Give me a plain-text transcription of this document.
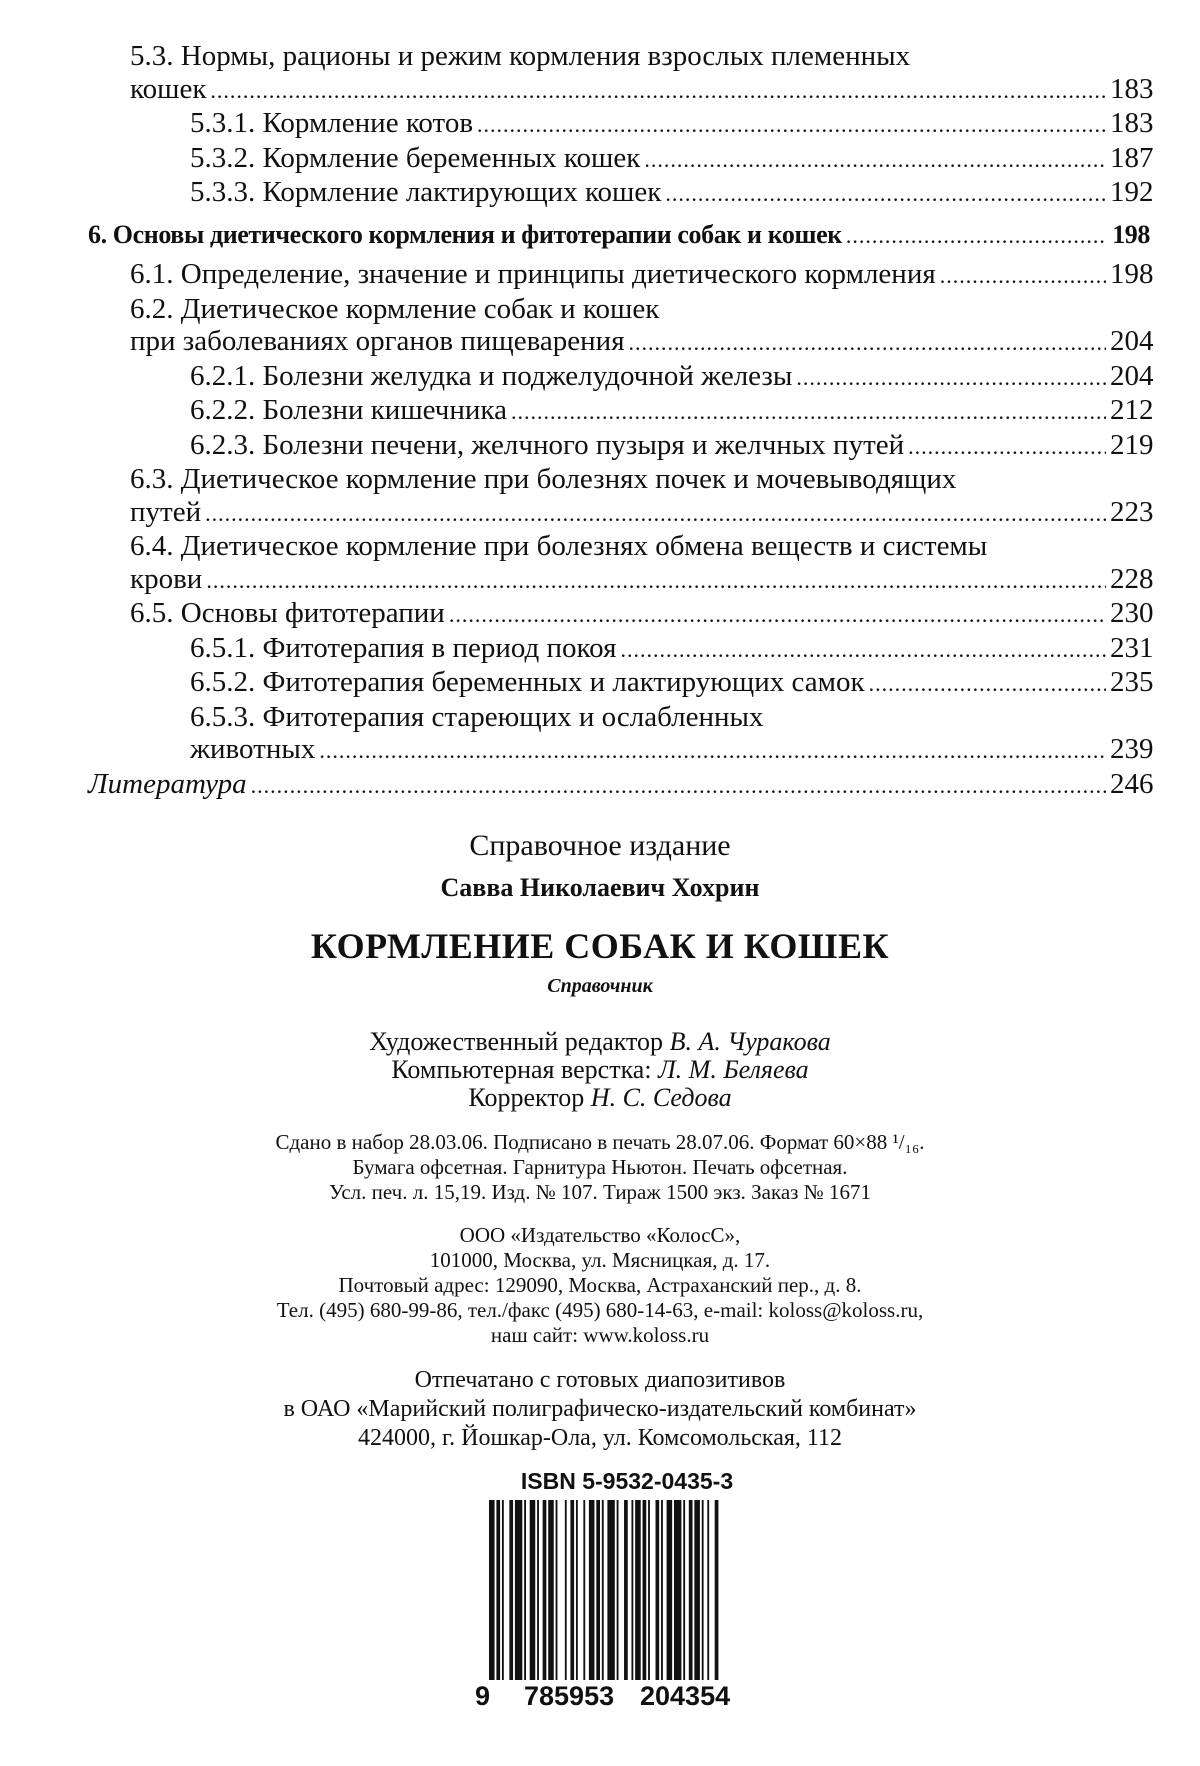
5.3. Нормы, рационы и режим кормления взрослых племенных
кошек .....	183
5.3.1. Кормление котов .....	183
5.3.2. Кормление беременных кошек .....	187
5.3.3. Кормление лактирующих кошек .....	192
6. Основы диетического кормления и фитотерапии собак и кошек .....	198
6.1. Определение, значение и принципы диетического кормления .....	198
6.2. Диетическое кормление собак и кошек
при заболеваниях органов пищеварения .....	204
6.2.1. Болезни желудка и поджелудочной железы .....	204
6.2.2. Болезни кишечника .....	212
6.2.3. Болезни печени, желчного пузыря и желчных путей .....	219
6.3. Диетическое кормление при болезнях почек и мочевыводящих
путей .....	223
6.4. Диетическое кормление при болезнях обмена веществ и системы
крови .....	228
6.5. Основы фитотерапии .....	230
6.5.1. Фитотерапия в период покоя .....	231
6.5.2. Фитотерапия беременных и лактирующих самок .....	235
6.5.3. Фитотерапия стареющих и ослабленных
животных .....	239
Литература .....	246
Справочное издание
Савва Николаевич Хохрин
КОРМЛЕНИЕ СОБАК И КОШЕК
Справочник
Художественный редактор В. А. Чуракова
Компьютерная верстка: Л. М. Беляева
Корректор Н. С. Седова
Сдано в набор 28.03.06. Подписано в печать 28.07.06. Формат 60×88 ¹/₁₆.
Бумага офсетная. Гарнитура Ньютон. Печать офсетная.
Усл. печ. л. 15,19. Изд. № 107. Тираж 1500 экз. Заказ № 1671
ООО «Издательство «КолосС»,
101000, Москва, ул. Мясницкая, д. 17.
Почтовый адрес: 129090, Москва, Астраханский пер., д. 8.
Тел. (495) 680-99-86, тел./факс (495) 680-14-63, e-mail: koloss@koloss.ru,
наш сайт: www.koloss.ru
Отпечатано с готовых диапозитивов
в ОАО «Марийский полиграфическо-издательский комбинат»
424000, г. Йошкар-Ола, ул. Комсомольская, 112
ISBN 5-9532-0435-3
9 785953 204354
